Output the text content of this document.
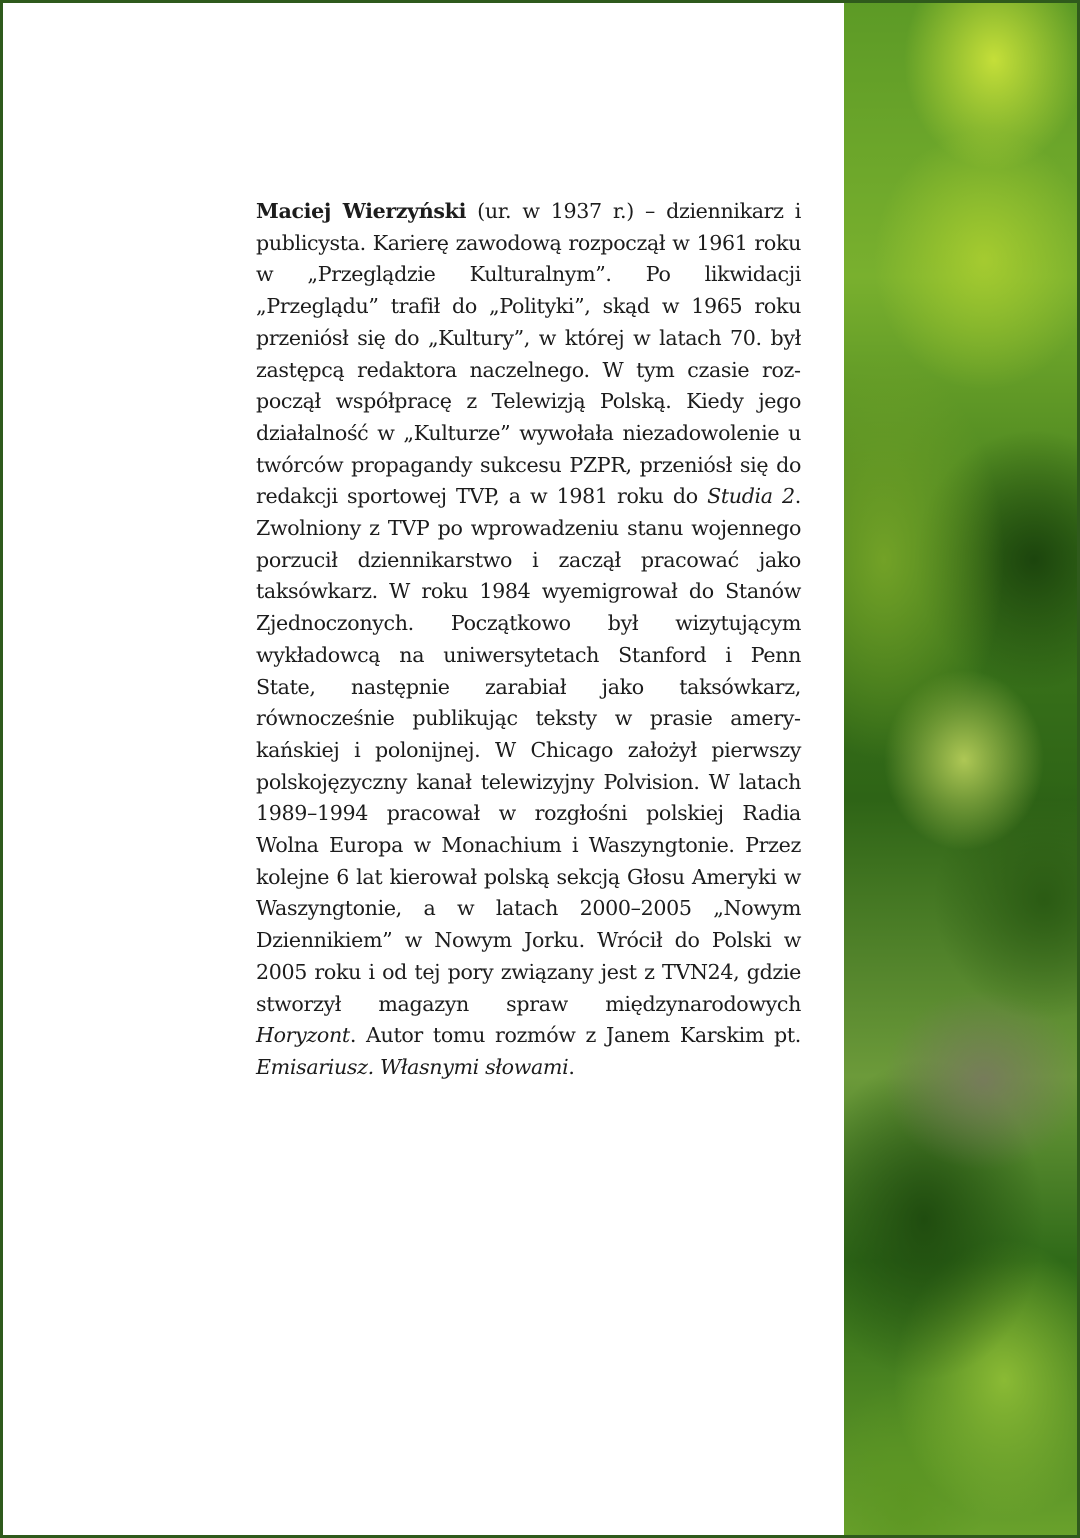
Maciej Wierzyński (ur. w 1937 r.) – dziennikarz i publicysta. Karierę zawodową rozpoczął w 1961 roku w „Przeglądzie Kulturalnym”. Po likwidacji „Przeglądu” trafił do „Polityki”, skąd w 1965 roku przeniósł się do „Kultury”, w której w latach 70. był zastępcą redaktora naczelnego. W tym czasie rozpoczął współpracę z Telewizją Polską. Kiedy jego działalność w „Kulturze” wywołała niezadowolenie u twórców propagandy sukcesu PZPR, przeniósł się do redakcji sportowej TVP, a w 1981 roku do Studia 2. Zwolniony z TVP po wprowadzeniu stanu wojennego porzucił dziennikarstwo i zaczął pracować jako taksówkarz. W roku 1984 wyemigrował do Stanów Zjednoczonych. Początkowo był wizytującym wykładowcą na uniwersytetach Stanford i Penn State, następnie zarabiał jako taksówkarz, równocześnie publikując teksty w prasie amerykańskiej i polonijnej. W Chicago założył pierwszy polskojęzyczny kanał telewizyjny Polvision. W latach 1989–1994 pracował w rozgłośni polskiej Radia Wolna Europa w Monachium i Waszyngtonie. Przez kolejne 6 lat kierował polską sekcją Głosu Ameryki w Waszyngtonie, a w latach 2000–2005 „Nowym Dziennikiem” w Nowym Jorku. Wrócił do Polski w 2005 roku i od tej pory związany jest z TVN24, gdzie stworzył magazyn spraw międzynarodowych Horyzont. Autor tomu rozmów z Janem Karskim pt. Emisariusz. Własnymi słowami.
